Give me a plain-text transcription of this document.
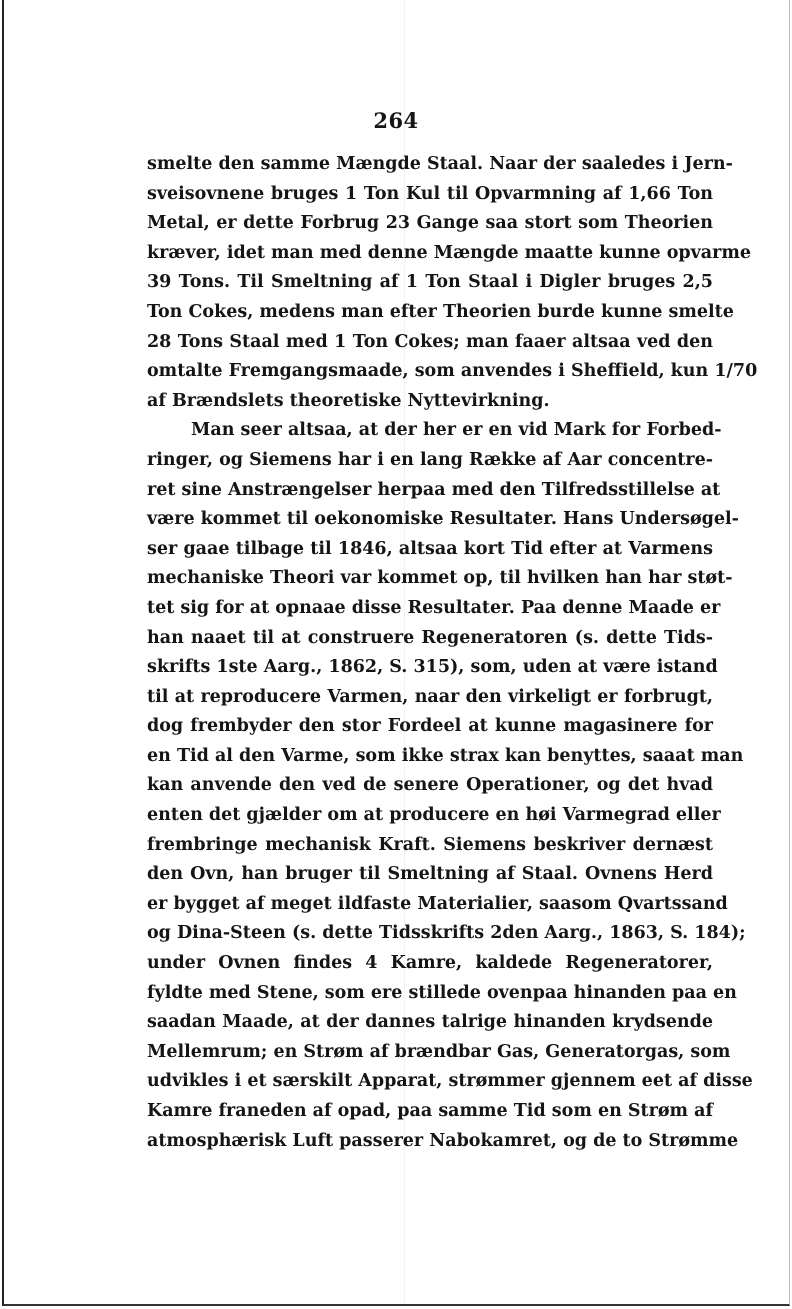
264
smelte den samme Mængde Staal. Naar der saaledes i Jern-
sveisovnene bruges 1 Ton Kul til Opvarmning af 1,66 Ton
Metal, er dette Forbrug 23 Gange saa stort som Theorien
kræver, idet man med denne Mængde maatte kunne opvarme
39 Tons. Til Smeltning af 1 Ton Staal i Digler bruges 2,5
Ton Cokes, medens man efter Theorien burde kunne smelte
28 Tons Staal med 1 Ton Cokes; man faaer altsaa ved den
omtalte Fremgangsmaade, som anvendes i Sheffield, kun 1/70
af Brændslets theoretiske Nyttevirkning.
Man seer altsaa, at der her er en vid Mark for Forbed-
ringer, og Siemens har i en lang Række af Aar concentre-
ret sine Anstrængelser herpaa med den Tilfredsstillelse at
være kommet til oekonomiske Resultater. Hans Undersøgel-
ser gaae tilbage til 1846, altsaa kort Tid efter at Varmens
mechaniske Theori var kommet op, til hvilken han har støt-
tet sig for at opnaae disse Resultater. Paa denne Maade er
han naaet til at construere Regeneratoren (s. dette Tids-
skrifts 1ste Aarg., 1862, S. 315), som, uden at være istand
til at reproducere Varmen, naar den virkeligt er forbrugt,
dog frembyder den stor Fordeel at kunne magasinere for
en Tid al den Varme, som ikke strax kan benyttes, saaat man
kan anvende den ved de senere Operationer, og det hvad
enten det gjælder om at producere en høi Varmegrad eller
frembringe mechanisk Kraft. Siemens beskriver dernæst
den Ovn, han bruger til Smeltning af Staal. Ovnens Herd
er bygget af meget ildfaste Materialier, saasom Qvartssand
og Dina-Steen (s. dette Tidsskrifts 2den Aarg., 1863, S. 184);
under Ovnen findes 4 Kamre, kaldede Regeneratorer,
fyldte med Stene, som ere stillede ovenpaa hinanden paa en
saadan Maade, at der dannes talrige hinanden krydsende
Mellemrum; en Strøm af brændbar Gas, Generatorgas, som
udvikles i et særskilt Apparat, strømmer gjennem eet af disse
Kamre franeden af opad, paa samme Tid som en Strøm af
atmosphærisk Luft passerer Nabokamret, og de to Strømme
